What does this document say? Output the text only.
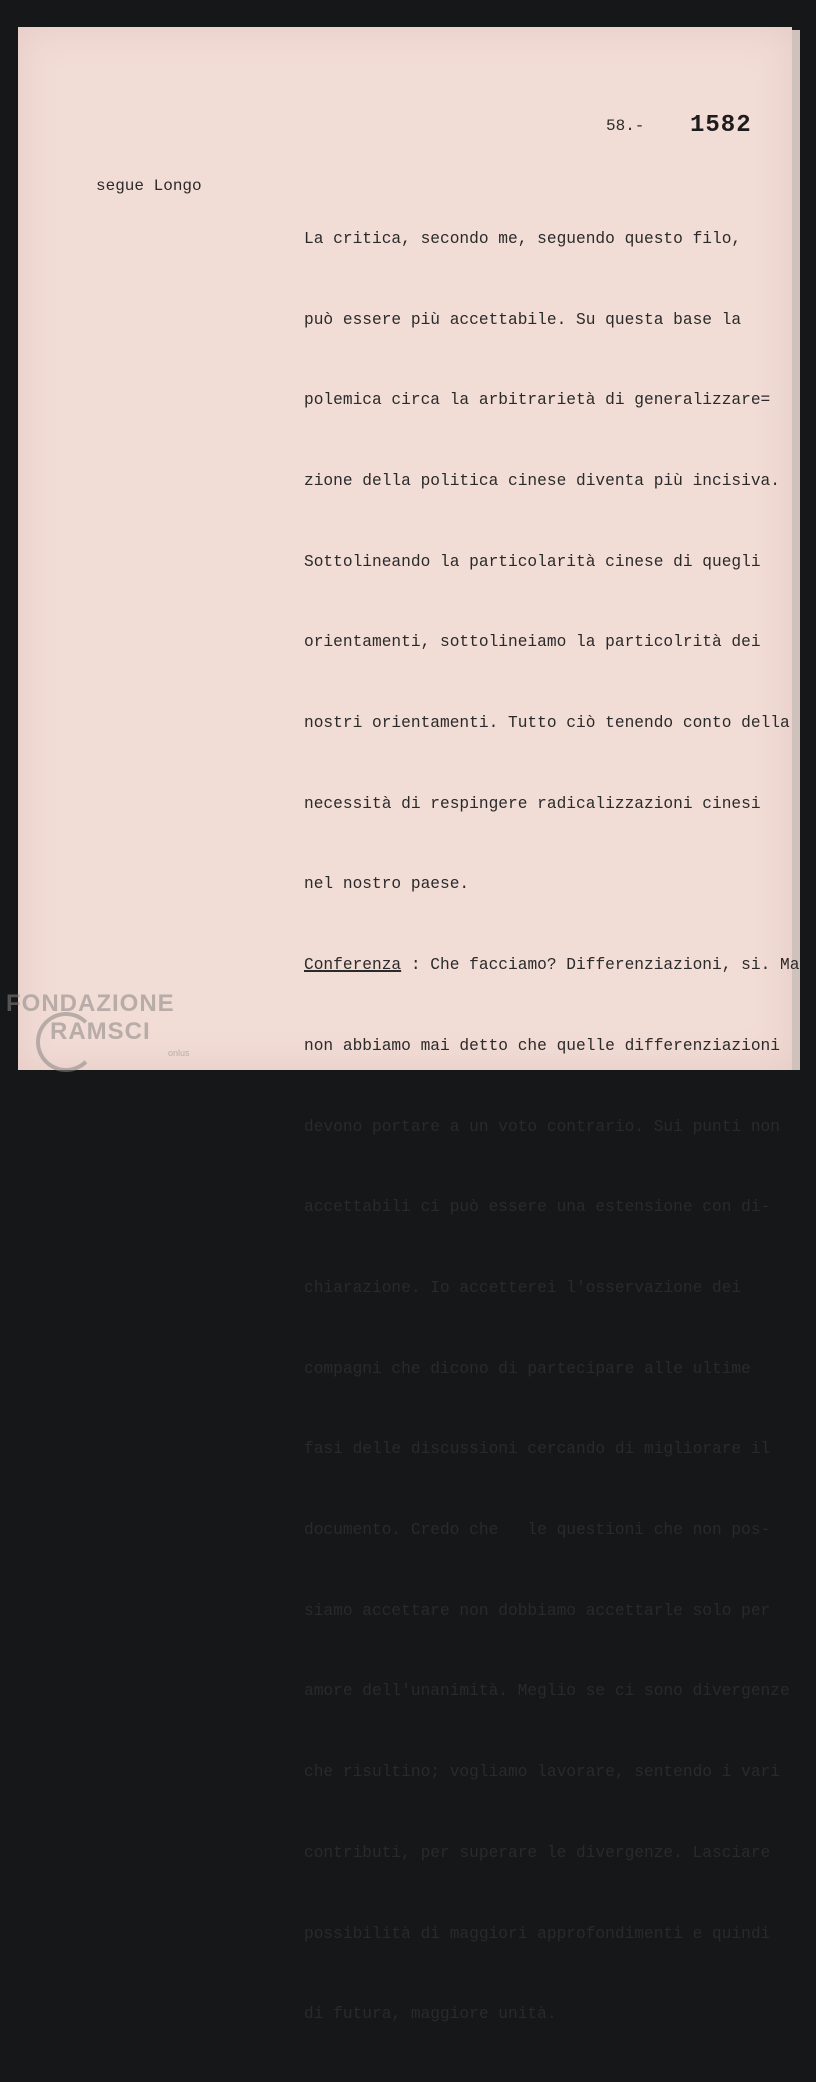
58.- 1582
segue Longo

La critica, secondo me, seguendo questo filo,

può essere più accettabile. Su questa base la

polemica circa la arbitrarietà di generalizzare=

zione della politica cinese diventa più incisiva.

Sottolineando la particolarità cinese di quegli

orientamenti, sottolineiamo la particolrità dei

nostri orientamenti. Tutto ciò tenendo conto della

necessità di respingere radicalizzazioni cinesi

nel nostro paese.

Conferenza : Che facciamo? Differenziazioni, si. Ma

non abbiamo mai detto che quelle differenziazioni

devono portare a un voto contrario. Sui punti non

accettabili ci può essere una estensione con di-

chiarazione. Io accetterei l'osservazione dei

compagni che dicono di partecipare alle ultime

fasi delle discussioni cercando di migliorare il

documento. Credo che   le questioni che non pos-

siamo accettare non dobbiamo accettarle solo per

amore dell'unanimità. Meglio se ci sono divergenze

che risultino; vogliamo lavorare, sentendo i vari

contributi, per superare le divergenze. Lasciare

possibilità di maggiori approfondimenti e quindi

di futura, maggiore unità.

FONDAZIONE
RAMSCI
onlus
